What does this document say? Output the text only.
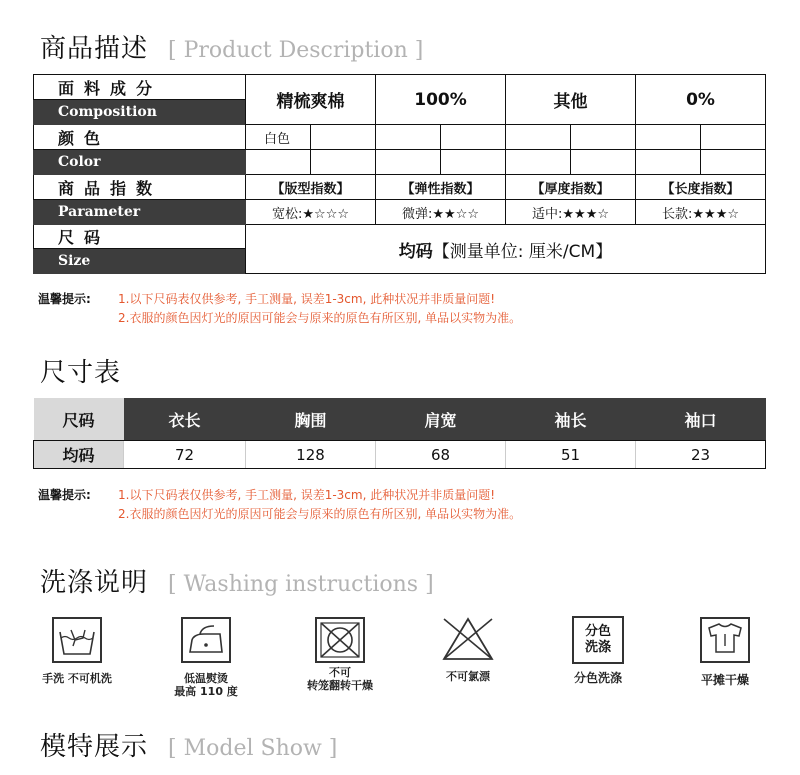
商品描述 [ Product Description ]
面料成分	精梳爽棉		100%		其他		0%	
Composition								
颜色	白色							
Color								
商品指数	【版型指数】		【弹性指数】		【厚度指数】		【长度指数】	
Parameter	宽松:★☆☆☆		微弹:★★☆☆		适中:★★★☆		长款:★★★☆	
尺码	均码【测量单位: 厘米/CM】							
Size								
温馨提示: 1.以下尺码表仅供参考, 手工测量, 误差1-3cm, 此种状况并非质量问题!
2.衣服的颜色因灯光的原因可能会与原来的原色有所区别, 单品以实物为准。
尺寸表
尺码	衣长	胸围	肩宽	袖长	袖口
均码	72	128	68	51	23
温馨提示: 1.以下尺码表仅供参考, 手工测量, 误差1-3cm, 此种状况并非质量问题!
2.衣服的颜色因灯光的原因可能会与原来的原色有所区别, 单品以实物为准。
洗涤说明 [ Washing instructions ]
手洗 不可机洗	低温熨烫
最高 110 度
不可
转笼翻转干燥
不可氯漂
分色
洗涤
分色洗涤	平摊干燥
模特展示 [ Model Show ]
